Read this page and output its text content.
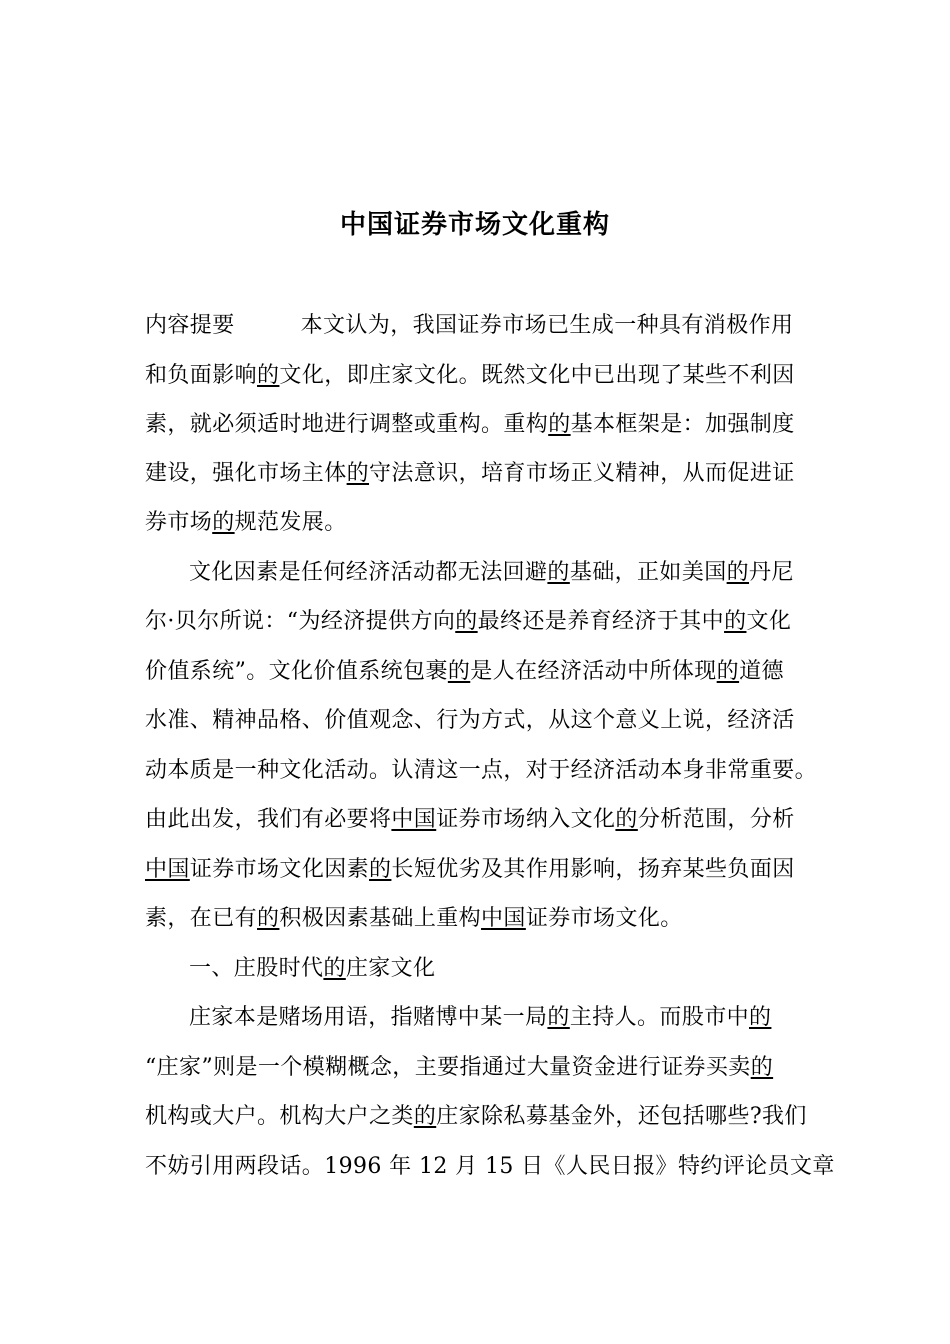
中国证券市场文化重构
内容提要	本文认为，我国证券市场已生成一种具有消极作用
和负面影响的文化，即庄家文化。既然文化中已出现了某些不利因
素，就必须适时地进行调整或重构。重构的基本框架是：加强制度
建设，强化市场主体的守法意识，培育市场正义精神，从而促进证
券市场的规范发展。
文化因素是任何经济活动都无法回避的基础，正如美国的丹尼
尔·贝尔所说：“为经济提供方向的最终还是养育经济于其中的文化
价值系统”。文化价值系统包裹的是人在经济活动中所体现的道德
水准、精神品格、价值观念、行为方式，从这个意义上说，经济活
动本质是一种文化活动。认清这一点，对于经济活动本身非常重要。
由此出发，我们有必要将中国证券市场纳入文化的分析范围，分析
中国证券市场文化因素的长短优劣及其作用影响，扬弃某些负面因
素，在已有的积极因素基础上重构中国证券市场文化。
一、庄股时代的庄家文化
庄家本是赌场用语，指赌博中某一局的主持人。而股市中的
“庄家”则是一个模糊概念，主要指通过大量资金进行证券买卖的
机构或大户。机构大户之类的庄家除私募基金外，还包括哪些?我们
不妨引用两段话。1996 年 12 月 15 日《人民日报》特约评论员文章
